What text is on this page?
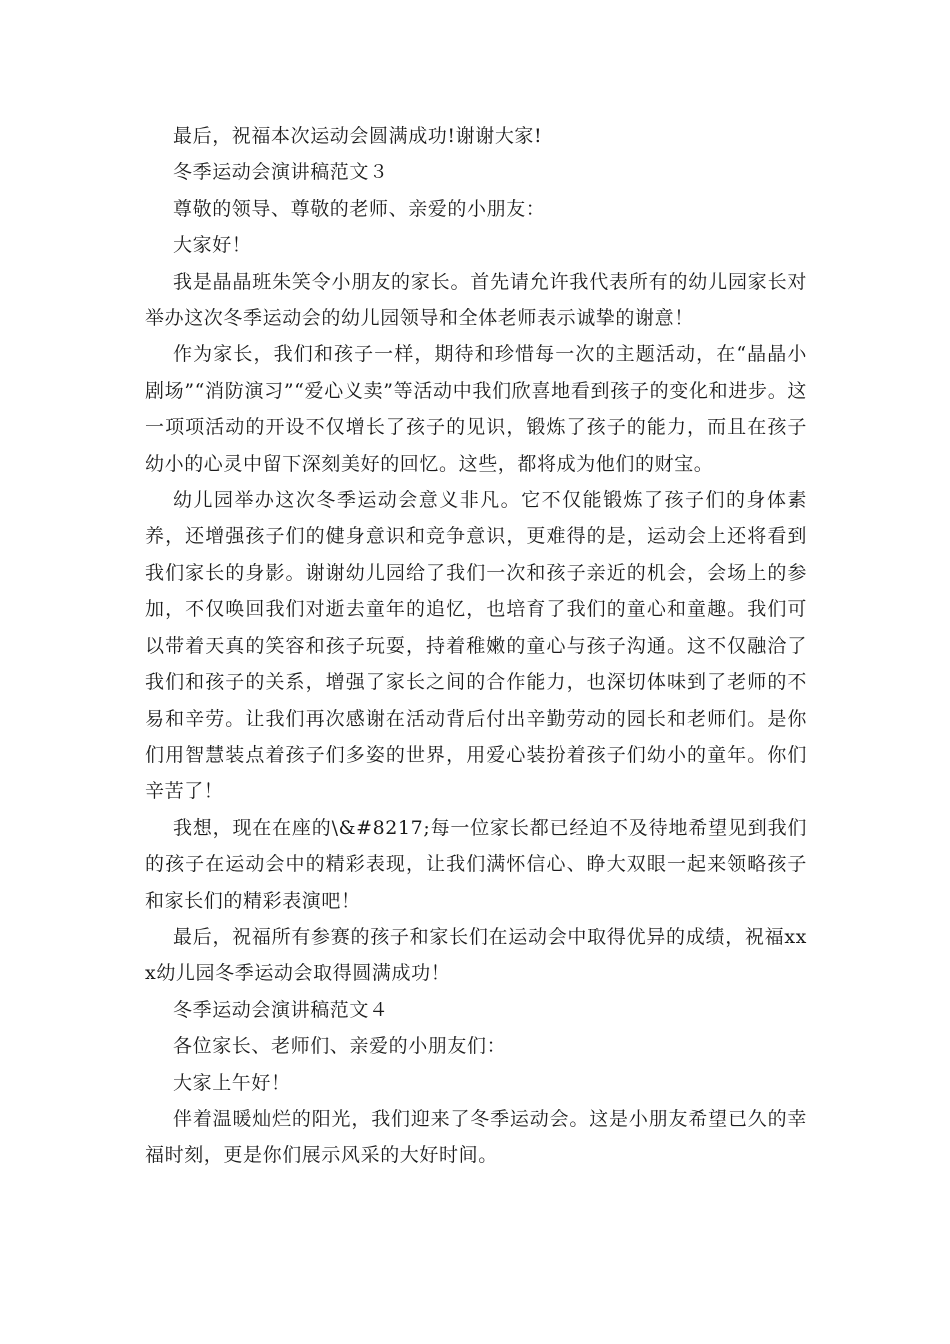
最后，祝福本次运动会圆满成功!谢谢大家!

冬季运动会演讲稿范文３

尊敬的领导、尊敬的老师、亲爱的小朋友：

大家好！

我是晶晶班朱笑令小朋友的家长。首先请允许我代表所有的幼儿园家长对举办这次冬季运动会的幼儿园领导和全体老师表示诚挚的谢意！

作为家长，我们和孩子一样，期待和珍惜每一次的主题活动，在“晶晶小剧场”“消防演习”“爱心义卖”等活动中我们欣喜地看到孩子的变化和进步。这一项项活动的开设不仅增长了孩子的见识，锻炼了孩子的能力，而且在孩子幼小的心灵中留下深刻美好的回忆。这些，都将成为他们的财宝。

幼儿园举办这次冬季运动会意义非凡。它不仅能锻炼了孩子们的身体素养，还增强孩子们的健身意识和竞争意识，更难得的是，运动会上还将看到我们家长的身影。谢谢幼儿园给了我们一次和孩子亲近的机会，会场上的参加，不仅唤回我们对逝去童年的追忆，也培育了我们的童心和童趣。我们可以带着天真的笑容和孩子玩耍，持着稚嫩的童心与孩子沟通。这不仅融洽了我们和孩子的关系，增强了家长之间的合作能力，也深切体味到了老师的不易和辛劳。让我们再次感谢在活动背后付出辛勤劳动的园长和老师们。是你们用智慧装点着孩子们多姿的世界，用爱心装扮着孩子们幼小的童年。你们辛苦了！

我想，现在在座的\&#8217;每一位家长都已经迫不及待地希望见到我们的孩子在运动会中的精彩表现，让我们满怀信心、睁大双眼一起来领略孩子和家长们的精彩表演吧！

最后，祝福所有参赛的孩子和家长们在运动会中取得优异的成绩，祝福xxx幼儿园冬季运动会取得圆满成功！

冬季运动会演讲稿范文４

各位家长、老师们、亲爱的小朋友们：

大家上午好！

伴着温暖灿烂的阳光，我们迎来了冬季运动会。这是小朋友希望已久的幸福时刻，更是你们展示风采的大好时间。
